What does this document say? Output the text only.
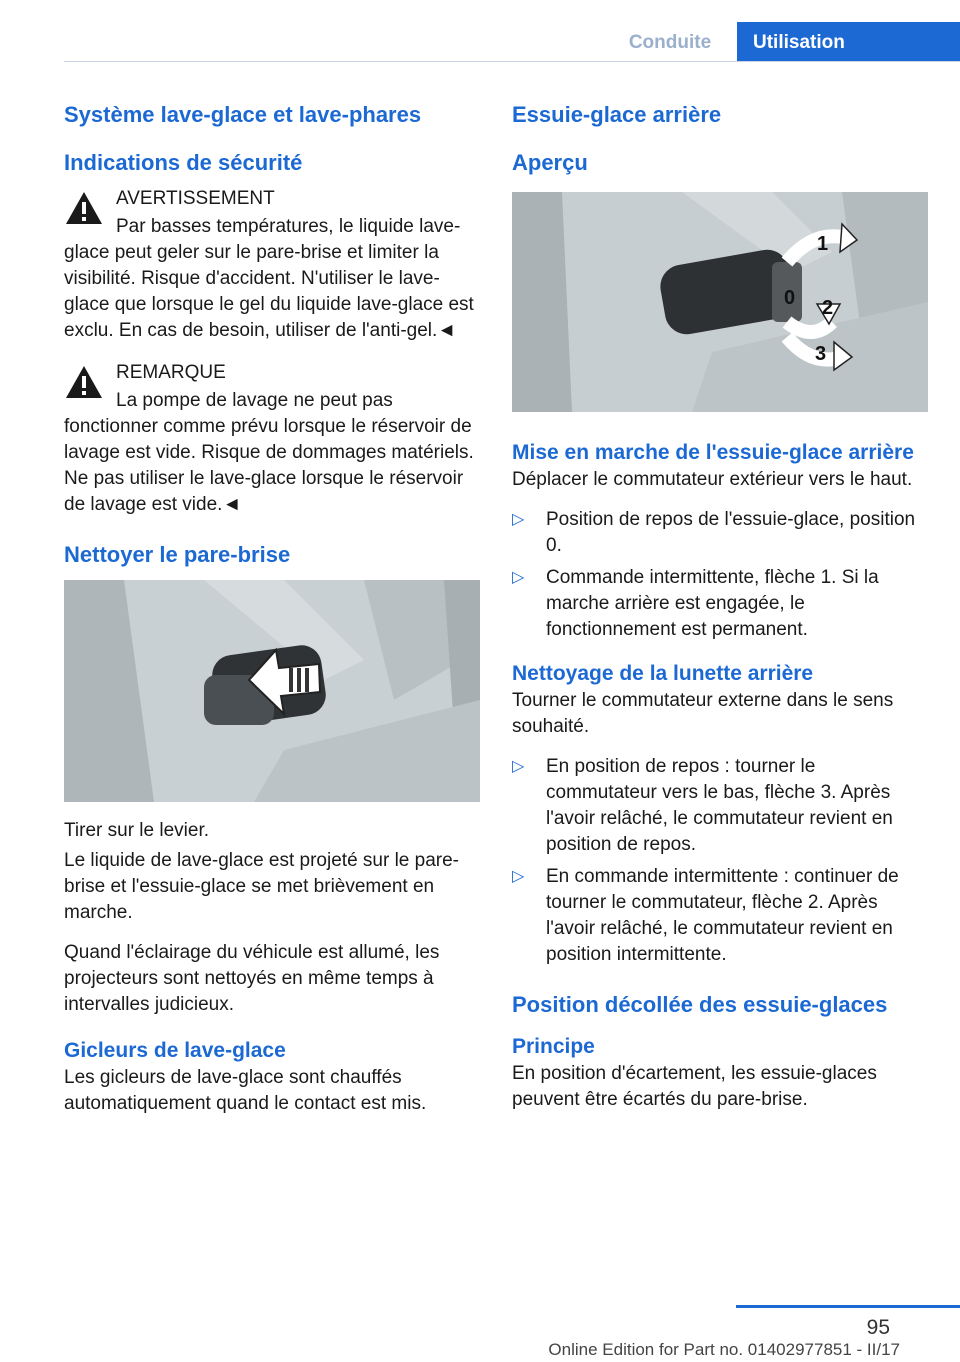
Conduite	Utilisation
Système lave-glace et lave-phares
Indications de sécurité
AVERTISSEMENT

Par basses températures, le liquide lave-glace peut geler sur le pare-brise et limiter la visibilité. Risque d'accident. N'utiliser le lave-glace que lorsque le gel du liquide lave-glace est exclu. En cas de besoin, utiliser de l'anti-gel.◄

REMARQUE

La pompe de lavage ne peut pas fonctionner comme prévu lorsque le réservoir de lavage est vide. Risque de dommages matériels. Ne pas utiliser le lave-glace lorsque le réservoir de lavage est vide.◄

Nettoyer le pare-brise

Tirer sur le levier.

Le liquide de lave-glace est projeté sur le pare-brise et l'essuie-glace se met brièvement en marche.

Quand l'éclairage du véhicule est allumé, les projecteurs sont nettoyés en même temps à intervalles judicieux.

Gicleurs de lave-glace

Les gicleurs de lave-glace sont chauffés automatiquement quand le contact est mis.

Essuie-glace arrière
Aperçu
1
0 2
3
Mise en marche de l'essuie-glace arrière

Déplacer le commutateur extérieur vers le haut.

▷ Position de repos de l'essuie-glace, position 0.
▷ Commande intermittente, flèche 1. Si la marche arrière est engagée, le fonctionnement est permanent.
Nettoyage de la lunette arrière

Tourner le commutateur externe dans le sens souhaité.

▷ En position de repos : tourner le commutateur vers le bas, flèche 3. Après l'avoir relâché, le commutateur revient en position de repos.
▷ En commande intermittente : continuer de tourner le commutateur, flèche 2. Après l'avoir relâché, le commutateur revient en position intermittente.
Position décollée des essuie-glaces
Principe

En position d'écartement, les essuie-glaces peuvent être écartés du pare-brise.

95
Online Edition for Part no. 01402977851 - II/17
